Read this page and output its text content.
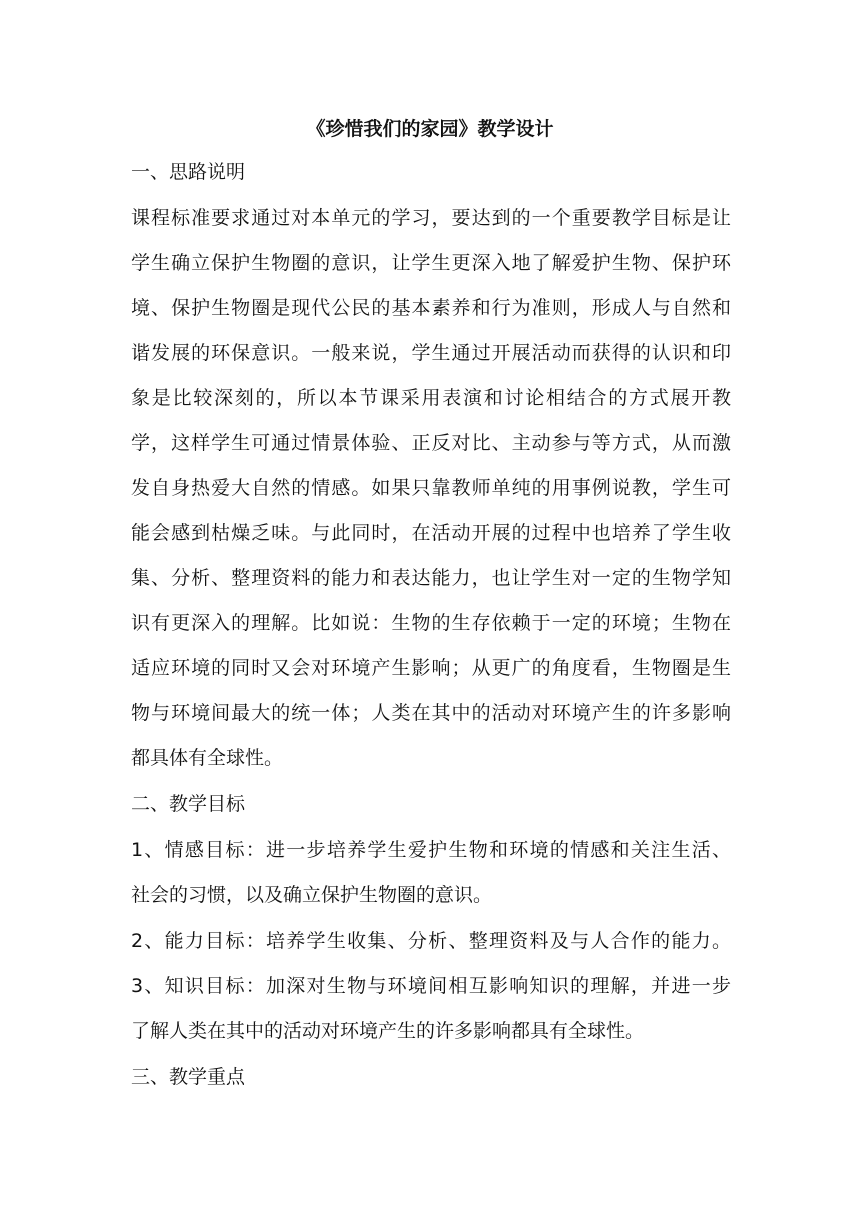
《珍惜我们的家园》教学设计

一、思路说明

课程标准要求通过对本单元的学习，要达到的一个重要教学目标是让

学生确立保护生物圈的意识，让学生更深入地了解爱护生物、保护环

境、保护生物圈是现代公民的基本素养和行为准则，形成人与自然和

谐发展的环保意识。一般来说，学生通过开展活动而获得的认识和印

象是比较深刻的，所以本节课采用表演和讨论相结合的方式展开教

学，这样学生可通过情景体验、正反对比、主动参与等方式，从而激

发自身热爱大自然的情感。如果只靠教师单纯的用事例说教，学生可

能会感到枯燥乏味。与此同时，在活动开展的过程中也培养了学生收

集、分析、整理资料的能力和表达能力，也让学生对一定的生物学知

识有更深入的理解。比如说：生物的生存依赖于一定的环境；生物在

适应环境的同时又会对环境产生影响；从更广的角度看，生物圈是生

物与环境间最大的统一体；人类在其中的活动对环境产生的许多影响

都具体有全球性。

二、教学目标

1、情感目标：进一步培养学生爱护生物和环境的情感和关注生活、

社会的习惯，以及确立保护生物圈的意识。

2、能力目标：培养学生收集、分析、整理资料及与人合作的能力。

3、知识目标：加深对生物与环境间相互影响知识的理解，并进一步

了解人类在其中的活动对环境产生的许多影响都具有全球性。

三、教学重点
